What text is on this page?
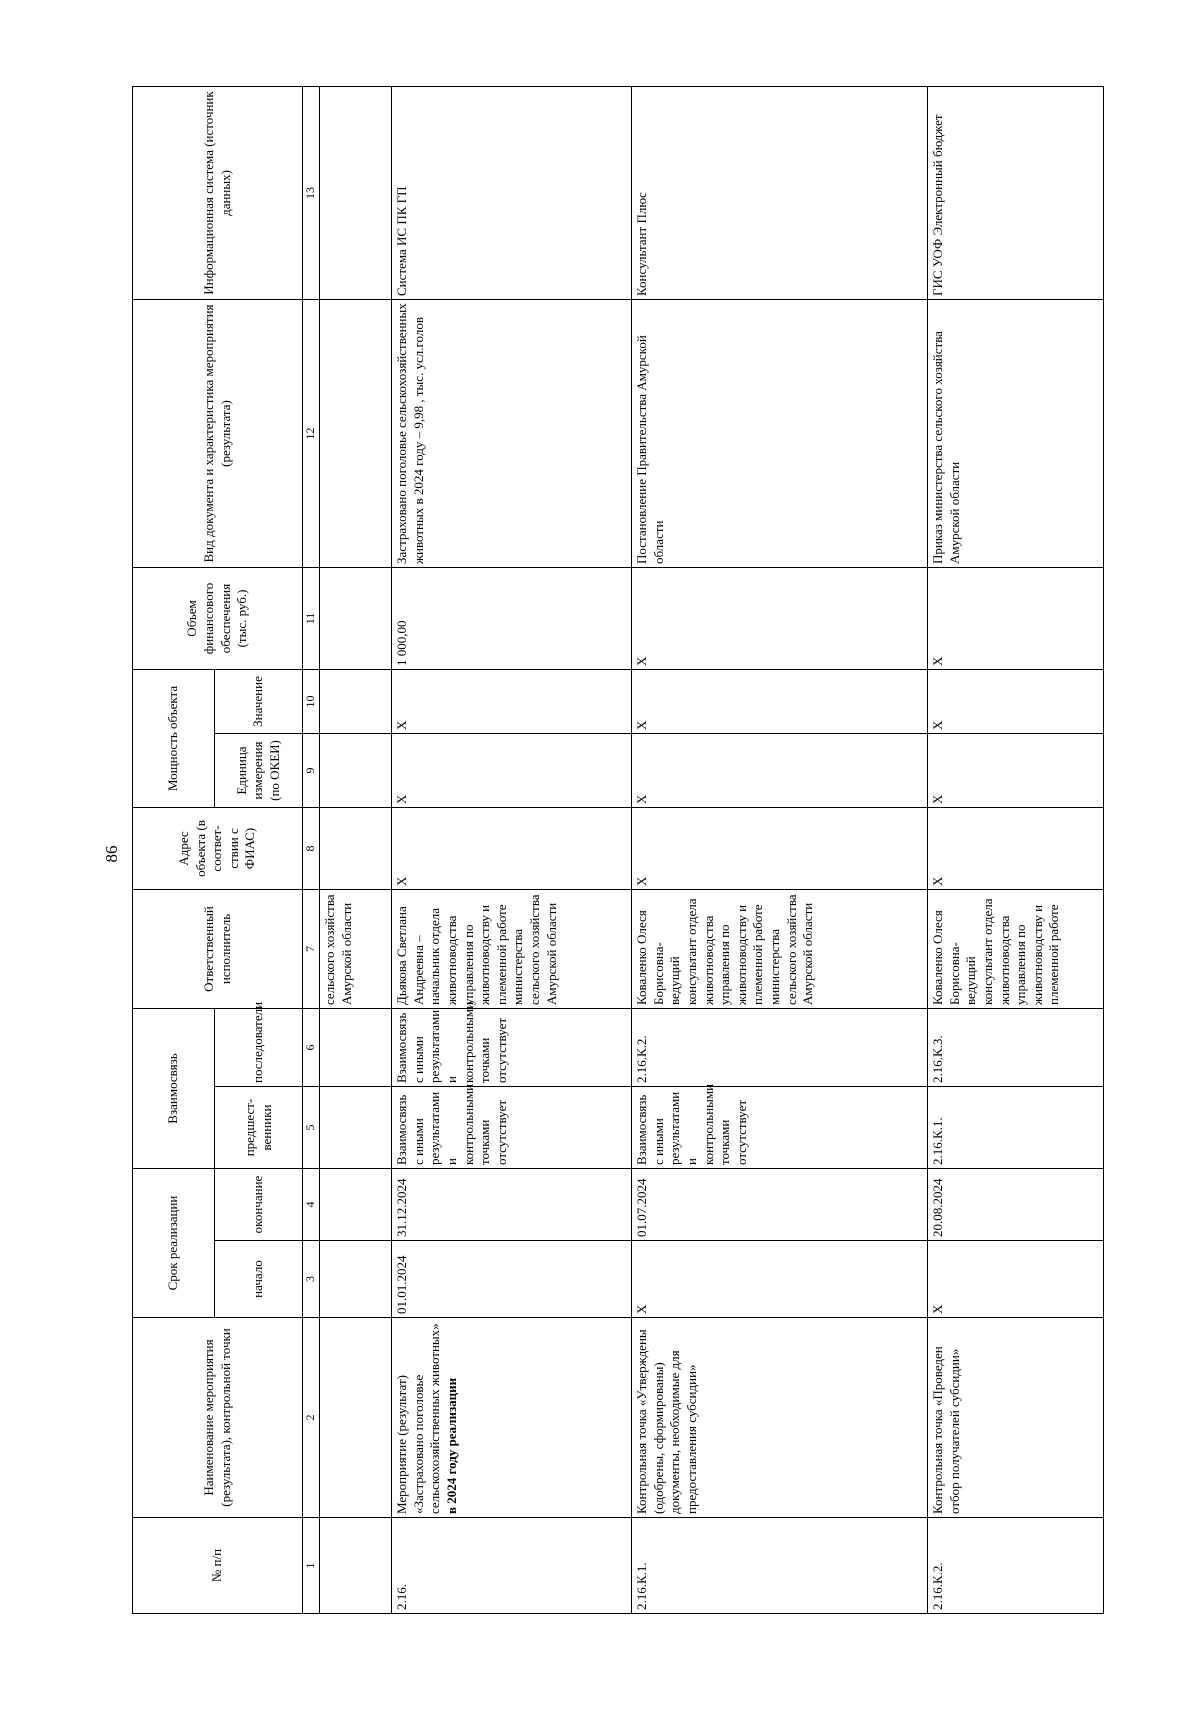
86
№ п/п	Наименование мероприятия (результата), контрольной точки	Срок реализации		Взаимосвязь		Ответственный исполнитель	Адрес объекта (в соответ-ствии с ФИАС)	Мощность объекта		Объем финансового обеспечения (тыс. руб.)	Вид документа и характеристика мероприятия (результата)	Информационная система (источник данных)
		начало	окончание	предшест-венники	последователи			Единица измерения (по ОКЕИ)	Значение			
1	2	3	4	5	6	7	8	9	10	11	12	13
						сельского хозяйства Амурской области						
2.16.	Мероприятие (результат) «Застраховано поголовье сельскохозяйственных животных» в 2024 году реализации	01.01.2024	31.12.2024	Взаимосвязь с иными результатами и контрольными точками отсутствует	Взаимосвязь с иными результатами и контрольными точками отсутствует	Дьякова Светлана Андреевна – начальник отдела животноводства управления по животноводству и племенной работе министерства сельского хозяйства Амурской области	X	X	X	1 000,00	Застраховано поголовье сельскохозяйственных животных в 2024 году – 9,98 , тыс. усл.голов	Система ИС ПК ГП
2.16.К.1.	Контрольная точка «Утверждены (одобрены, сформированы) документы, необходимые для предоставления субсидии»	X	01.07.2024	Взаимосвязь с иными результатами и контрольными точками отсутствует	2.16.К.2.	Коваленко Олеся Борисовна- ведущий консультант отдела животноводства управления по животноводству и племенной работе министерства сельского хозяйства Амурской области	X	X	X	X	Постановление Правительства Амурской области	Консультант Плюс
2.16.К.2.	Контрольная точка «Проведен отбор получателей субсидии»	X	20.08.2024	2.16.К.1.	2.16.К.3.	Коваленко Олеся Борисовна- ведущий консультант отдела животноводства управления по животноводству и племенной работе	X	X	X	X	Приказ министерства сельского хозяйства Амурской области	ГИС УОФ Электронный бюджет
